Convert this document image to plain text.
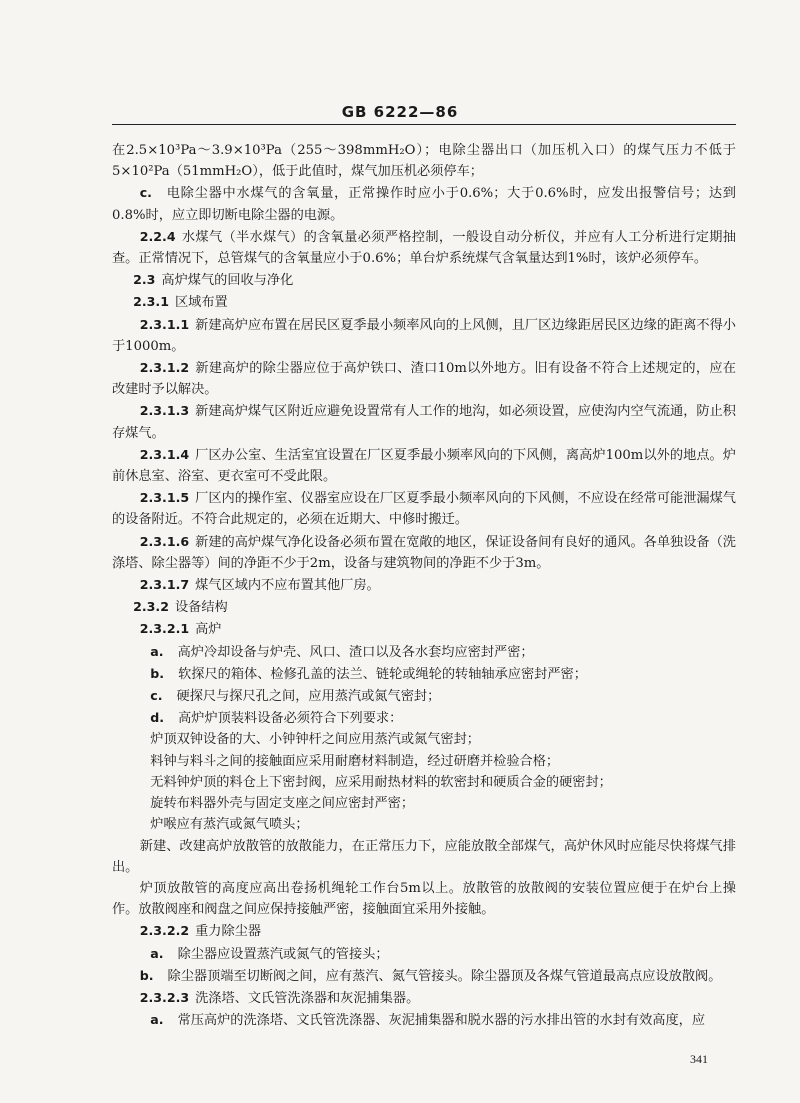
GB 6222—86

在2.5×10³Pa～3.9×10³Pa（255～398mmH₂O）；电除尘器出口（加压机入口）的煤气压力不低于5×10²Pa（51mmH₂O），低于此值时，煤气加压机必须停车；

c. 电除尘器中水煤气的含氧量，正常操作时应小于0.6%；大于0.6%时，应发出报警信号；达到0.8%时，应立即切断电除尘器的电源。

2.2.4 水煤气（半水煤气）的含氧量必须严格控制，一般设自动分析仪，并应有人工分析进行定期抽查。正常情况下，总管煤气的含氧量应小于0.6%；单台炉系统煤气含氧量达到1%时，该炉必须停车。

2.3 高炉煤气的回收与净化

2.3.1 区域布置

2.3.1.1 新建高炉应布置在居民区夏季最小频率风向的上风侧，且厂区边缘距居民区边缘的距离不得小于1000m。

2.3.1.2 新建高炉的除尘器应位于高炉铁口、渣口10m以外地方。旧有设备不符合上述规定的，应在改建时予以解决。

2.3.1.3 新建高炉煤气区附近应避免设置常有人工作的地沟，如必须设置，应使沟内空气流通，防止积存煤气。

2.3.1.4 厂区办公室、生活室宜设置在厂区夏季最小频率风向的下风侧，离高炉100m以外的地点。炉前休息室、浴室、更衣室可不受此限。

2.3.1.5 厂区内的操作室、仪器室应设在厂区夏季最小频率风向的下风侧，不应设在经常可能泄漏煤气的设备附近。不符合此规定的，必须在近期大、中修时搬迁。

2.3.1.6 新建的高炉煤气净化设备必须布置在宽敞的地区，保证设备间有良好的通风。各单独设备（洗涤塔、除尘器等）间的净距不少于2m，设备与建筑物间的净距不少于3m。

2.3.1.7 煤气区域内不应布置其他厂房。

2.3.2 设备结构

2.3.2.1 高炉

a. 高炉冷却设备与炉壳、风口、渣口以及各水套均应密封严密；

b. 软探尺的箱体、检修孔盖的法兰、链轮或绳轮的转轴轴承应密封严密；

c. 硬探尺与探尺孔之间，应用蒸汽或氮气密封；

d. 高炉炉顶装料设备必须符合下列要求：

炉顶双钟设备的大、小钟钟杆之间应用蒸汽或氮气密封；

料钟与料斗之间的接触面应采用耐磨材料制造，经过研磨并检验合格；

无料钟炉顶的料仓上下密封阀，应采用耐热材料的软密封和硬质合金的硬密封；

旋转布料器外壳与固定支座之间应密封严密；

炉喉应有蒸汽或氮气喷头；

新建、改建高炉放散管的放散能力，在正常压力下，应能放散全部煤气，高炉休风时应能尽快将煤气排出。

炉顶放散管的高度应高出卷扬机绳轮工作台5m以上。放散管的放散阀的安装位置应便于在炉台上操作。放散阀座和阀盘之间应保持接触严密，接触面宜采用外接触。

2.3.2.2 重力除尘器

a. 除尘器应设置蒸汽或氮气的管接头；

b. 除尘器顶端至切断阀之间，应有蒸汽、氮气管接头。除尘器顶及各煤气管道最高点应设放散阀。

2.3.2.3 洗涤塔、文氏管洗涤器和灰泥捕集器。

a. 常压高炉的洗涤塔、文氏管洗涤器、灰泥捕集器和脱水器的污水排出管的水封有效高度，应

341
